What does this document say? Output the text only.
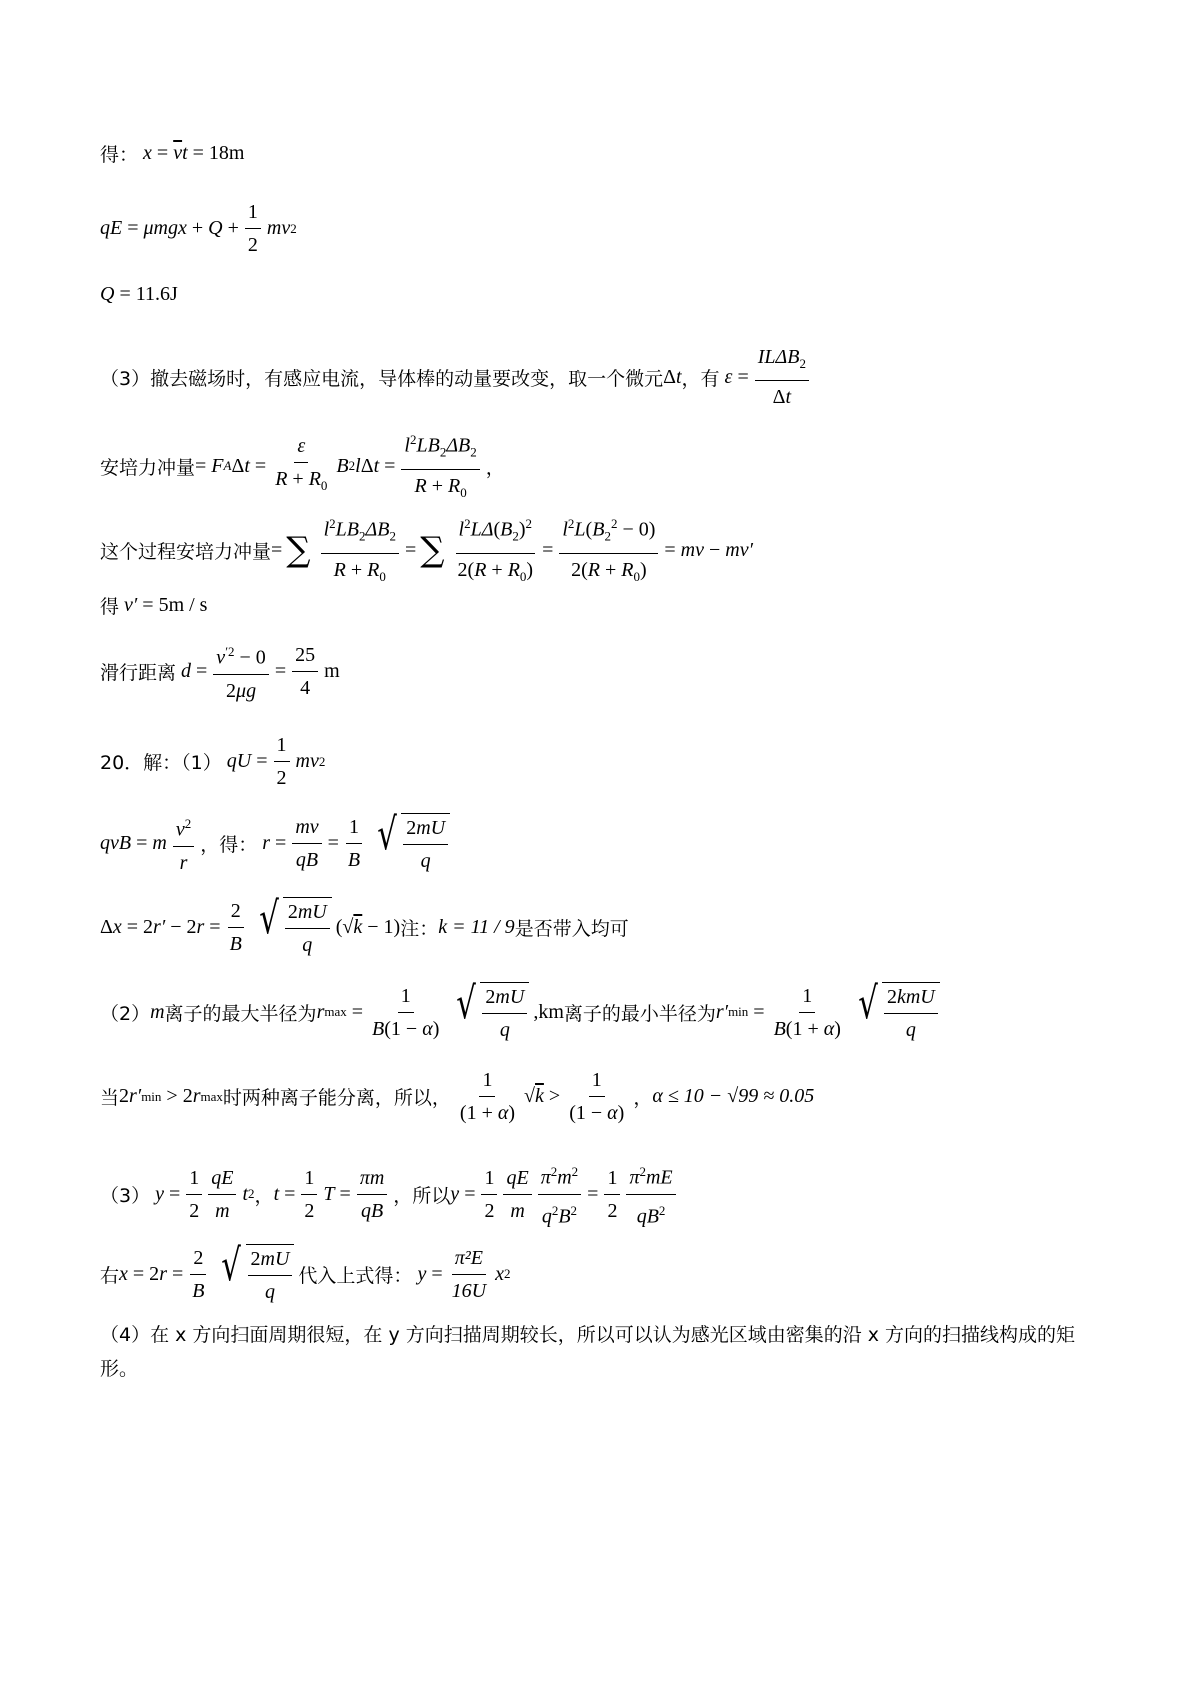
得： $x = \overline{v}$ t = 18m
qE = $\mu mgx + Q + \frac{1}{2}$ mv 2
Q = 11.6J
（3）撤去磁场时，有感应电流，导体棒的动量要改变，取一个微元 Δ t ，有 $\varepsilon = \frac{IL\Delta B_2}{\Delta t}$
安培力冲量 = F A Δ $t = \frac{\varepsilon}{R + R_0}$ B 2 l Δ $t = \frac{l^2LB_2\Delta B_2}{R + R_0}$ ，
这个过程安培力冲量 = ∑ $\frac{l^2LB_2\Delta B_2}{R + R_0}$ = ∑ $\frac{l^2L\Delta(B_2)^2}{2(R + R_0)} = \frac{l^2L(B_2^2 - 0)}{2(R + R_0)}$ = mv − mv′
得 v′ = 5m / s
滑行距离 $d = \frac{v^{'2} - 0}{2\mu g} = \frac{25}{4}$ m
20．解：（1） qU = $\frac{1}{2}$ mv 2
qvB = m $\frac{v^2}{r}$ ，得： $r = \frac{mv}{qB} = \frac{1}{B}$ √ $\frac{2mU}{q}$
Δ x = 2 r′ − 2 $r = \frac{2}{B}$ √ $\frac{2mU}{q} (√k - 1)$ 注： k = 11 / 9 是否带入均可
（2） m 离子的最大半径为 r $\max = \frac{1}{B(1 - \alpha)}$ √ $\frac{2mU}{q} ,km$ 离子的最小半径为 r′ $\min = \frac{1}{B(1 + \alpha)}$ √ $\frac{\text{2kmU}}{q}$
当 2 r′ min > 2 r max 时两种离子能分离，所以， $\frac{1}{(1 + \alpha)} √k > \frac{1}{(1 - \alpha)}$ ， α ≤ 10 − √99 ≈ 0.05
（3） $y = \frac{1}{2} \frac{qE}{m}$ t 2 ， $t = \frac{1}{2}$ $T = \frac{\pi m}{qB}$ ，所以 $y = \frac{1}{2} \frac{qE}{m} \frac{\pi^2m^2}{q^2B^2} = \frac{1}{2} \frac{\pi^2mE}{qB^2}$
右 x = 2 $r = \frac{2}{B}$ √ $\frac{2mU}{q}$ 代入上式得： $y = \frac{\text{π²E}}{16U}$ x 2
（4）在 x 方向扫面周期很短，在 y 方向扫描周期较长，所以可以认为感光区域由密集的沿 x 方向的扫描线构成的矩形。
